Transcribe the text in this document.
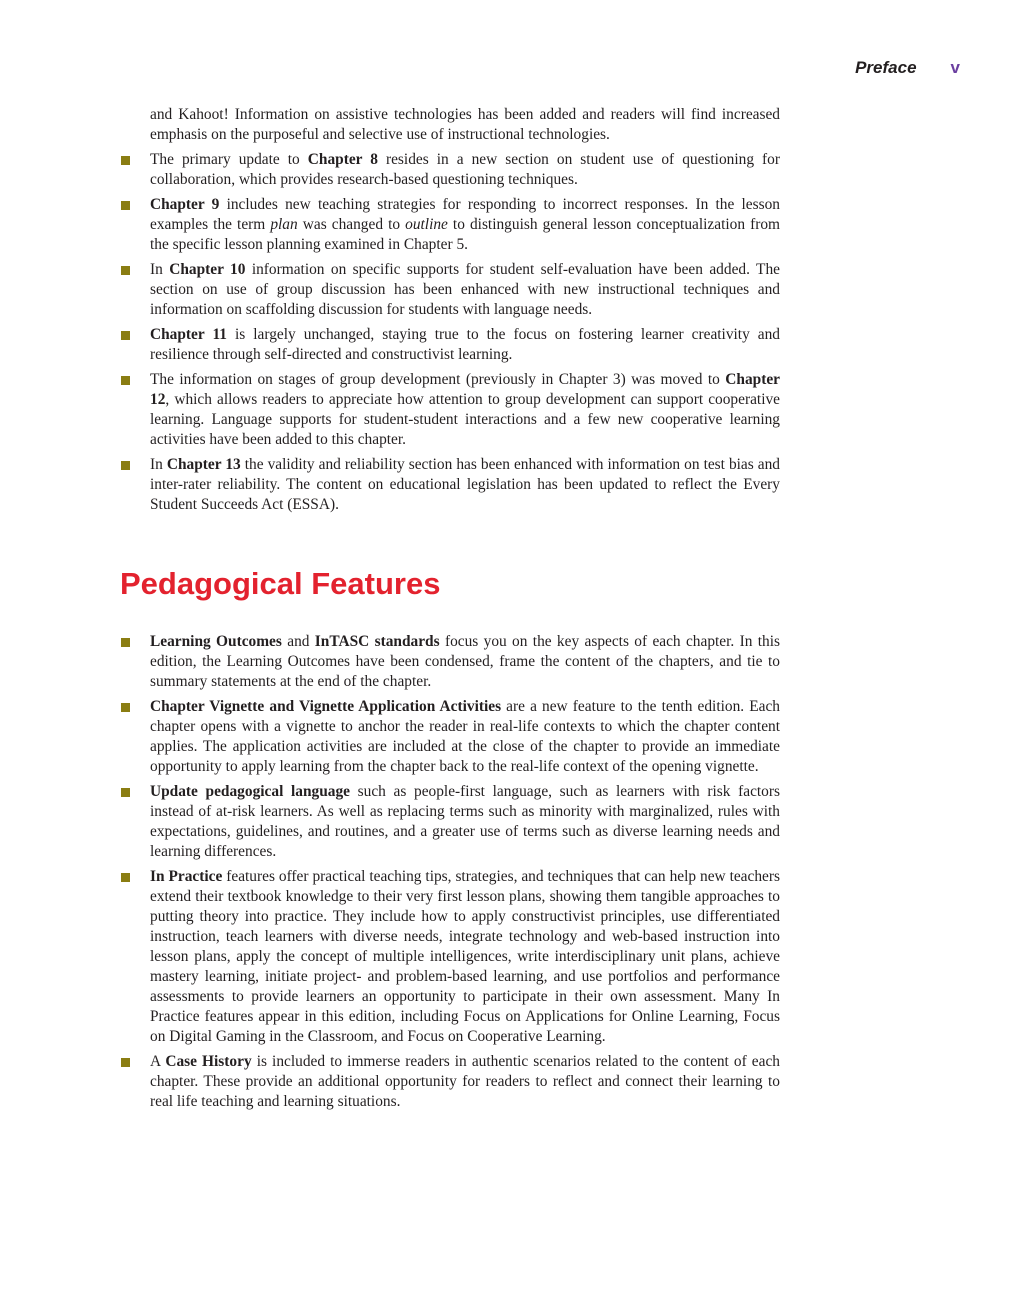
Preface v

and Kahoot! Information on assistive technologies has been added and readers will find increased emphasis on the purposeful and selective use of instructional technologies.

The primary update to Chapter 8 resides in a new section on student use of questioning for collaboration, which provides research-based questioning techniques.
Chapter 9 includes new teaching strategies for responding to incorrect responses. In the lesson examples the term plan was changed to outline to distinguish general lesson conceptualization from the specific lesson planning examined in Chapter 5.
In Chapter 10 information on specific supports for student self-evaluation have been added. The section on use of group discussion has been enhanced with new instructional techniques and information on scaffolding discussion for students with language needs.
Chapter 11 is largely unchanged, staying true to the focus on fostering learner creativity and resilience through self-directed and constructivist learning.
The information on stages of group development (previously in Chapter 3) was moved to Chapter 12, which allows readers to appreciate how attention to group development can support cooperative learning. Language supports for student-student interactions and a few new cooperative learning activities have been added to this chapter.
In Chapter 13 the validity and reliability section has been enhanced with information on test bias and inter-rater reliability. The content on educational legislation has been updated to reflect the Every Student Succeeds Act (ESSA).
Pedagogical Features
Learning Outcomes and InTASC standards focus you on the key aspects of each chapter. In this edition, the Learning Outcomes have been condensed, frame the content of the chapters, and tie to summary statements at the end of the chapter.
Chapter Vignette and Vignette Application Activities are a new feature to the tenth edition. Each chapter opens with a vignette to anchor the reader in real-life contexts to which the chapter content applies. The application activities are included at the close of the chapter to provide an immediate opportunity to apply learning from the chapter back to the real-life context of the opening vignette.
Update pedagogical language such as people-first language, such as learners with risk factors instead of at-risk learners. As well as replacing terms such as minority with marginalized, rules with expectations, guidelines, and routines, and a greater use of terms such as diverse learning needs and learning differences.
In Practice features offer practical teaching tips, strategies, and techniques that can help new teachers extend their textbook knowledge to their very first lesson plans, showing them tangible approaches to putting theory into practice. They include how to apply constructivist principles, use differentiated instruction, teach learners with diverse needs, integrate technology and web-based instruction into lesson plans, apply the concept of multiple intelligences, write interdisciplinary unit plans, achieve mastery learning, initiate project- and problem-based learning, and use portfolios and performance assessments to provide learners an opportunity to participate in their own assessment. Many In Practice features appear in this edition, including Focus on Applications for Online Learning, Focus on Digital Gaming in the Classroom, and Focus on Cooperative Learning.
A Case History is included to immerse readers in authentic scenarios related to the content of each chapter. These provide an additional opportunity for readers to reflect and connect their learning to real life teaching and learning situations.
